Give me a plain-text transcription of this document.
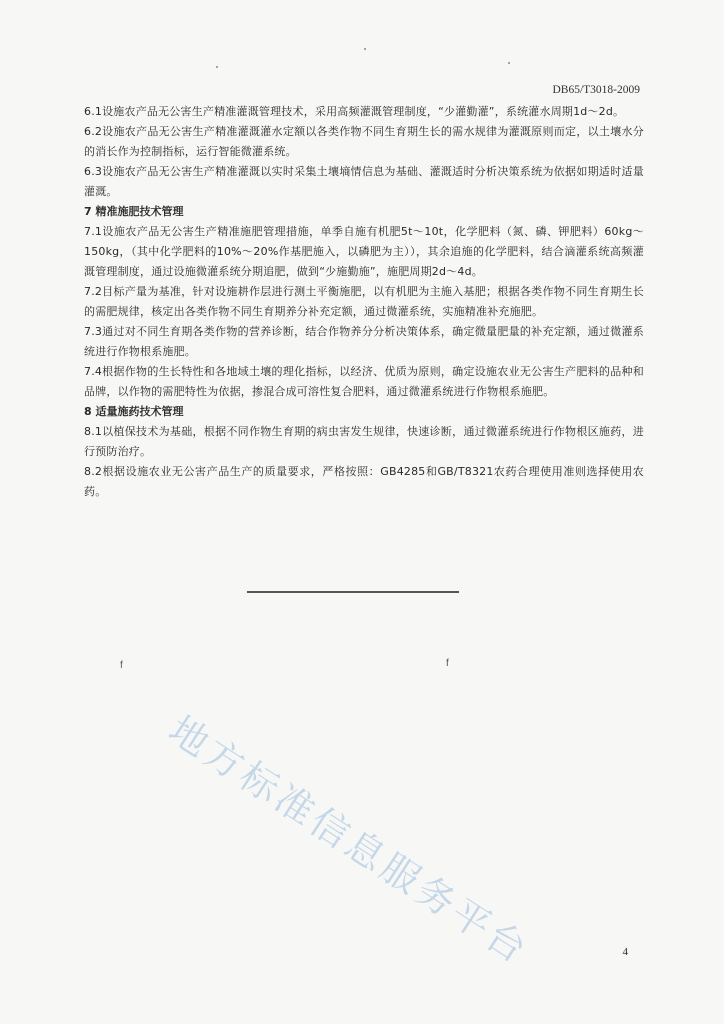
DB65/T3018-2009

6.1设施农产品无公害生产精准灌溉管理技术，采用高频灌溉管理制度，“少灌勤灌”，系统灌水周期1d～2d。

6.2设施农产品无公害生产精准灌溉灌水定额以各类作物不同生育期生长的需水规律为灌溉原则而定，以土壤水分的消长作为控制指标，运行智能微灌系统。

6.3设施农产品无公害生产精准灌溉以实时采集土壤墒情信息为基础、灌溉适时分析决策系统为依据如期适时适量灌溉。

7 精准施肥技术管理

7.1设施农产品无公害生产精准施肥管理措施，单季自施有机肥5t～10t，化学肥料（氮、磷、钾肥料）60kg～150kg，（其中化学肥料的10%～20%作基肥施入，以磷肥为主）），其余追施的化学肥料，结合滴灌系统高频灌溉管理制度，通过设施微灌系统分期追肥，做到“少施勤施”，施肥周期2d～4d。

7.2目标产量为基准，针对设施耕作层进行测土平衡施肥，以有机肥为主施入基肥；根据各类作物不同生育期生长的需肥规律，核定出各类作物不同生育期养分补充定额，通过微灌系统，实施精准补充施肥。

7.3通过对不同生育期各类作物的营养诊断，结合作物养分分析决策体系，确定微量肥量的补充定额，通过微灌系统进行作物根系施肥。

7.4根据作物的生长特性和各地域土壤的理化指标，以经济、优质为原则，确定设施农业无公害生产肥料的品种和品牌，以作物的需肥特性为依据，掺混合成可溶性复合肥料，通过微灌系统进行作物根系施肥。

8 适量施药技术管理

8.1以植保技术为基础，根据不同作物生育期的病虫害发生规律，快速诊断，通过微灌系统进行作物根区施药，进行预防治疗。

8.2根据设施农业无公害产品生产的质量要求，严格按照：GB4285和GB/T8321农药合理使用准则选择使用农药。

f	f
地方标准信息服务平台	4
